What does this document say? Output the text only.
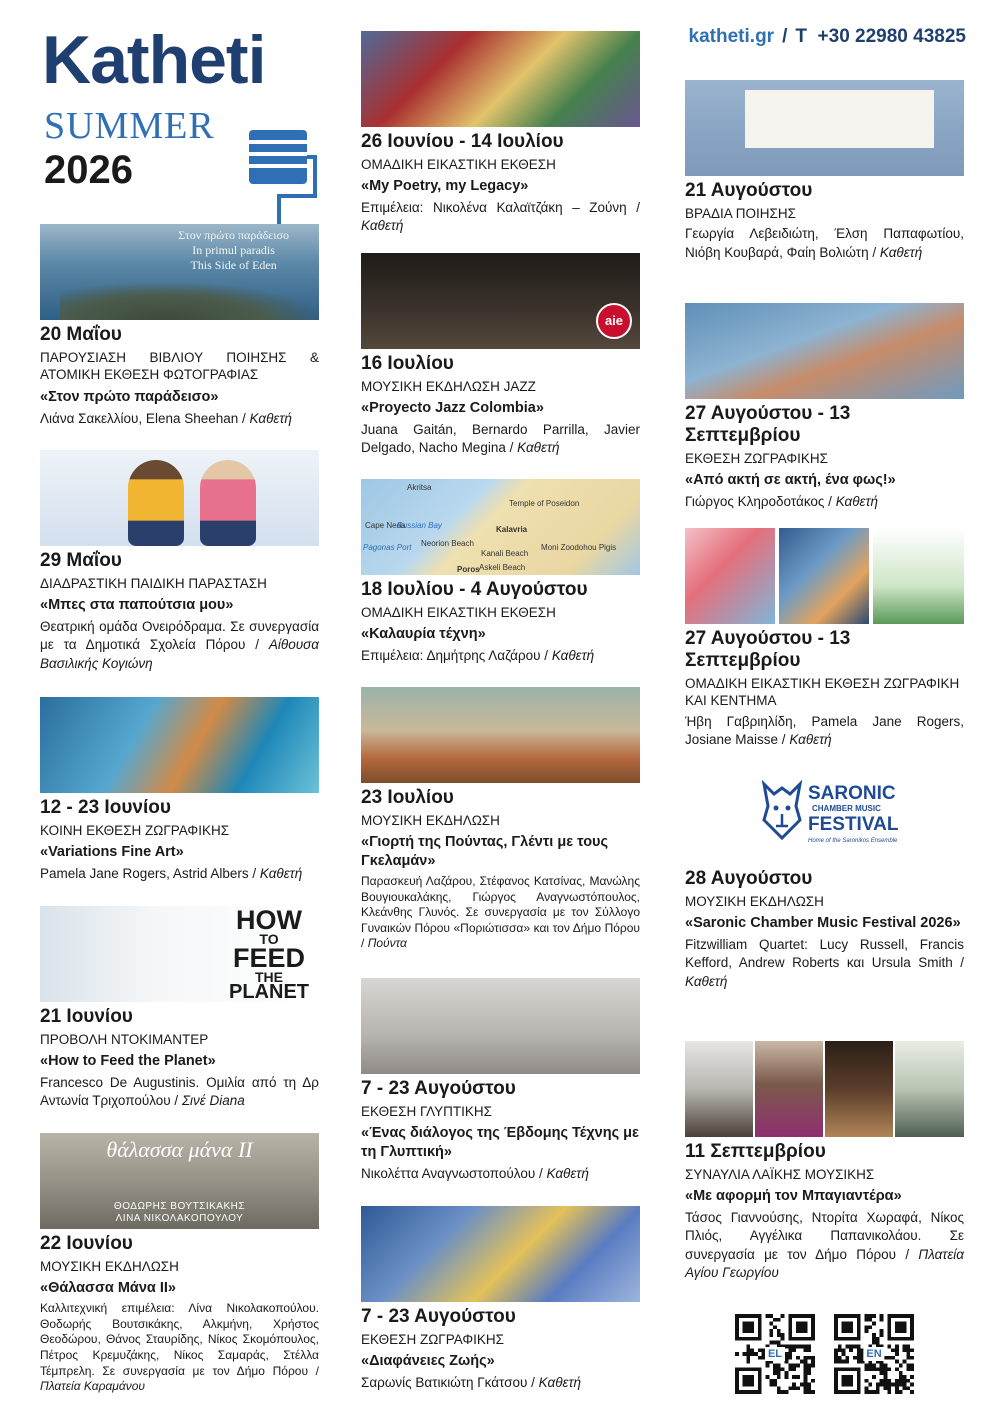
Katheti
SUMMER
2026
katheti.gr / T +30 22980 43825
Στον πρώτο παράδεισο
In primul paradis
This Side of Eden
20 Μαΐου
ΠΑΡΟΥΣΙΑΣΗ ΒΙΒΛΙΟΥ ΠΟΙΗΣΗΣ & ΑΤΟΜΙΚΗ ΕΚΘΕΣΗ ΦΩΤΟΓΡΑΦΙΑΣ
«Στον πρώτο παράδεισο»
Λιάνα Σακελλίου, Elena Sheehan / Καθετή
29 Μαΐου
ΔΙΑΔΡΑΣΤΙΚΗ ΠΑΙΔΙΚΗ ΠΑΡΑΣΤΑΣΗ
«Μπες στα παπούτσια μου»
Θεατρική ομάδα Ονειρόδραμα. Σε συνεργασία με τα Δημοτικά Σχολεία Πόρου / Αίθουσα Βασιλικής Κογιώνη
12 - 23 Ιουνίου
ΚΟΙΝΗ ΕΚΘΕΣΗ ΖΩΓΡΑΦΙΚΗΣ
«Variations Fine Art»
Pamela Jane Rogers, Astrid Albers / Καθετή
HOW
TO
FEED
THE
PLANET
21 Ιουνίου
ΠΡΟΒΟΛΗ ΝΤΟΚΙΜΑΝΤΕΡ
«How to Feed the Planet»
Francesco De Augustinis. Ομιλία από τη Δρ Αντωνία Τριχοπούλου / Σινέ Diana
θάλασσα μάνα ΙΙ
ΘΟΔΩΡΗΣ ΒΟΥΤΣΙΚΑΚΗΣ
ΛΙΝΑ ΝΙΚΟΛΑΚΟΠΟΥΛΟΥ
22 Ιουνίου
ΜΟΥΣΙΚΗ ΕΚΔΗΛΩΣΗ
«Θάλασσα Μάνα ΙΙ»
Καλλιτεχνική επιμέλεια: Λίνα Νικολακοπούλου. Θοδωρής Βουτσικάκης, Αλκμήνη, Χρήστος Θεοδώρου, Θάνος Σταυρίδης, Νίκος Σκομόπουλος, Πέτρος Κρεμυζάκης, Νίκος Σαμαράς, Στέλλα Τέμπρελη. Σε συνεργασία με τον Δήμο Πόρου / Πλατεία Καραμάνου
26 Ιουνίου - 14 Ιουλίου
ΟΜΑΔΙΚΗ ΕΙΚΑΣΤΙΚΗ ΕΚΘΕΣΗ
«My Poetry, my Legacy»
Επιμέλεια: Νικολένα Καλαϊτζάκη – Ζούνη / Καθετή
aie
16 Ιουλίου
ΜΟΥΣΙΚΗ ΕΚΔΗΛΩΣΗ JAZZ
«Proyecto Jazz Colombia»
Juana Gaitán, Bernardo Parrilla, Javier Delgado, Nacho Megina / Καθετή
Akritsa
Temple of Poseidon
Kalavria
Cape Neda
Russian Bay
Neorion Beach
Pagonas Port
Kanali Beach
Moni Zoodohou Pigis
Askeli Beach
Poros
18 Ιουλίου - 4 Αυγούστου
ΟΜΑΔΙΚΗ ΕΙΚΑΣΤΙΚΗ ΕΚΘΕΣΗ
«Καλαυρία τέχνη»
Επιμέλεια: Δημήτρης Λαζάρου / Καθετή
23 Ιουλίου
ΜΟΥΣΙΚΗ ΕΚΔΗΛΩΣΗ
«Γιορτή της Πούντας, Γλέντι με τους Γκελαμάν»
Παρασκευή Λαζάρου, Στέφανος Κατσίνας, Μανώλης Βουγιουκαλάκης, Γιώργος Αναγνωστόπουλος, Κλεάνθης Γλυνός. Σε συνεργασία με τον Σύλλογο Γυναικών Πόρου «Ποριώτισσα» και τον Δήμο Πόρου / Πούντα
7 - 23 Αυγούστου
ΕΚΘΕΣΗ ΓΛΥΠΤΙΚΗΣ
«Ένας διάλογος της Έβδομης Τέχνης με τη Γλυπτική»
Νικολέττα Αναγνωστοπούλου / Καθετή
7 - 23 Αυγούστου
ΕΚΘΕΣΗ ΖΩΓΡΑΦΙΚΗΣ
«Διαφάνειες Ζωής»
Σαρωνίς Βατικιώτη Γκάτσου / Καθετή
21 Αυγούστου
ΒΡΑΔΙΑ ΠΟΙΗΣΗΣ
Γεωργία Λεβειδιώτη, Έλση Παπαφωτίου, Νιόβη Κουβαρά, Φαίη Βολιώτη / Καθετή
27 Αυγούστου - 13 Σεπτεμβρίου
ΕΚΘΕΣΗ ΖΩΓΡΑΦΙΚΗΣ
«Από ακτή σε ακτή, ένα φως!»
Γιώργος Κληροδοτάκος / Καθετή
27 Αυγούστου - 13 Σεπτεμβρίου
ΟΜΑΔΙΚΗ ΕΙΚΑΣΤΙΚΗ ΕΚΘΕΣΗ ΖΩΓΡΑΦΙΚΗ ΚΑΙ ΚΕΝΤΗΜΑ
Ήβη Γαβριηλίδη, Pamela Jane Rogers, Josiane Maisse / Καθετή
SARONIC
CHAMBER MUSIC
FESTIVAL
Home of the Saronikos Ensemble
28 Αυγούστου
ΜΟΥΣΙΚΗ ΕΚΔΗΛΩΣΗ
«Saronic Chamber Music Festival 2026»
Fitzwilliam Quartet: Lucy Russell, Francis Kefford, Andrew Roberts και Ursula Smith / Καθετή
11 Σεπτεμβρίου
ΣΥΝΑΥΛΙΑ ΛΑΪΚΗΣ ΜΟΥΣΙΚΗΣ
«Με αφορμή τον Μπαγιαντέρα»
Τάσος Γιαννούσης, Ντορίτα Χωραφά, Νίκος Πλιός, Αγγέλικα Παπανικολάου. Σε συνεργασία με τον Δήμο Πόρου / Πλατεία Αγίου Γεωργίου
EL	EN
